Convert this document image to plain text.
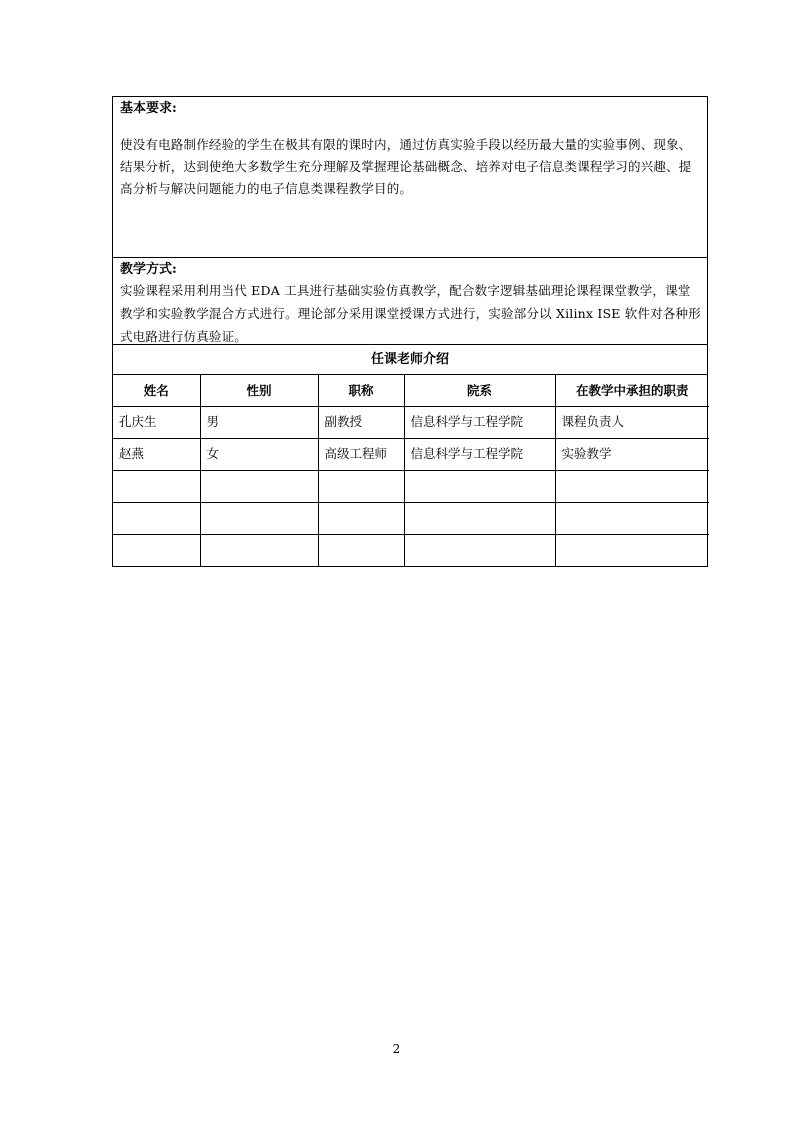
基本要求:
使没有电路制作经验的学生在极其有限的课时内，通过仿真实验手段以经历最大量的实验事例、现象、结果分析，达到使绝大多数学生充分理解及掌握理论基础概念、培养对电子信息类课程学习的兴趣、提高分析与解决问题能力的电子信息类课程教学目的。
教学方式:
实验课程采用利用当代 EDA 工具进行基础实验仿真教学，配合数字逻辑基础理论课程课堂教学，课堂教学和实验教学混合方式进行。理论部分采用课堂授课方式进行，实验部分以 Xilinx ISE 软件对各种形式电路进行仿真验证。
任课老师介绍
姓名	性别	职称	院系	在教学中承担的职责
孔庆生	男	副教授	信息科学与工程学院	课程负责人
赵燕	女	高级工程师	信息科学与工程学院	实验教学

2
